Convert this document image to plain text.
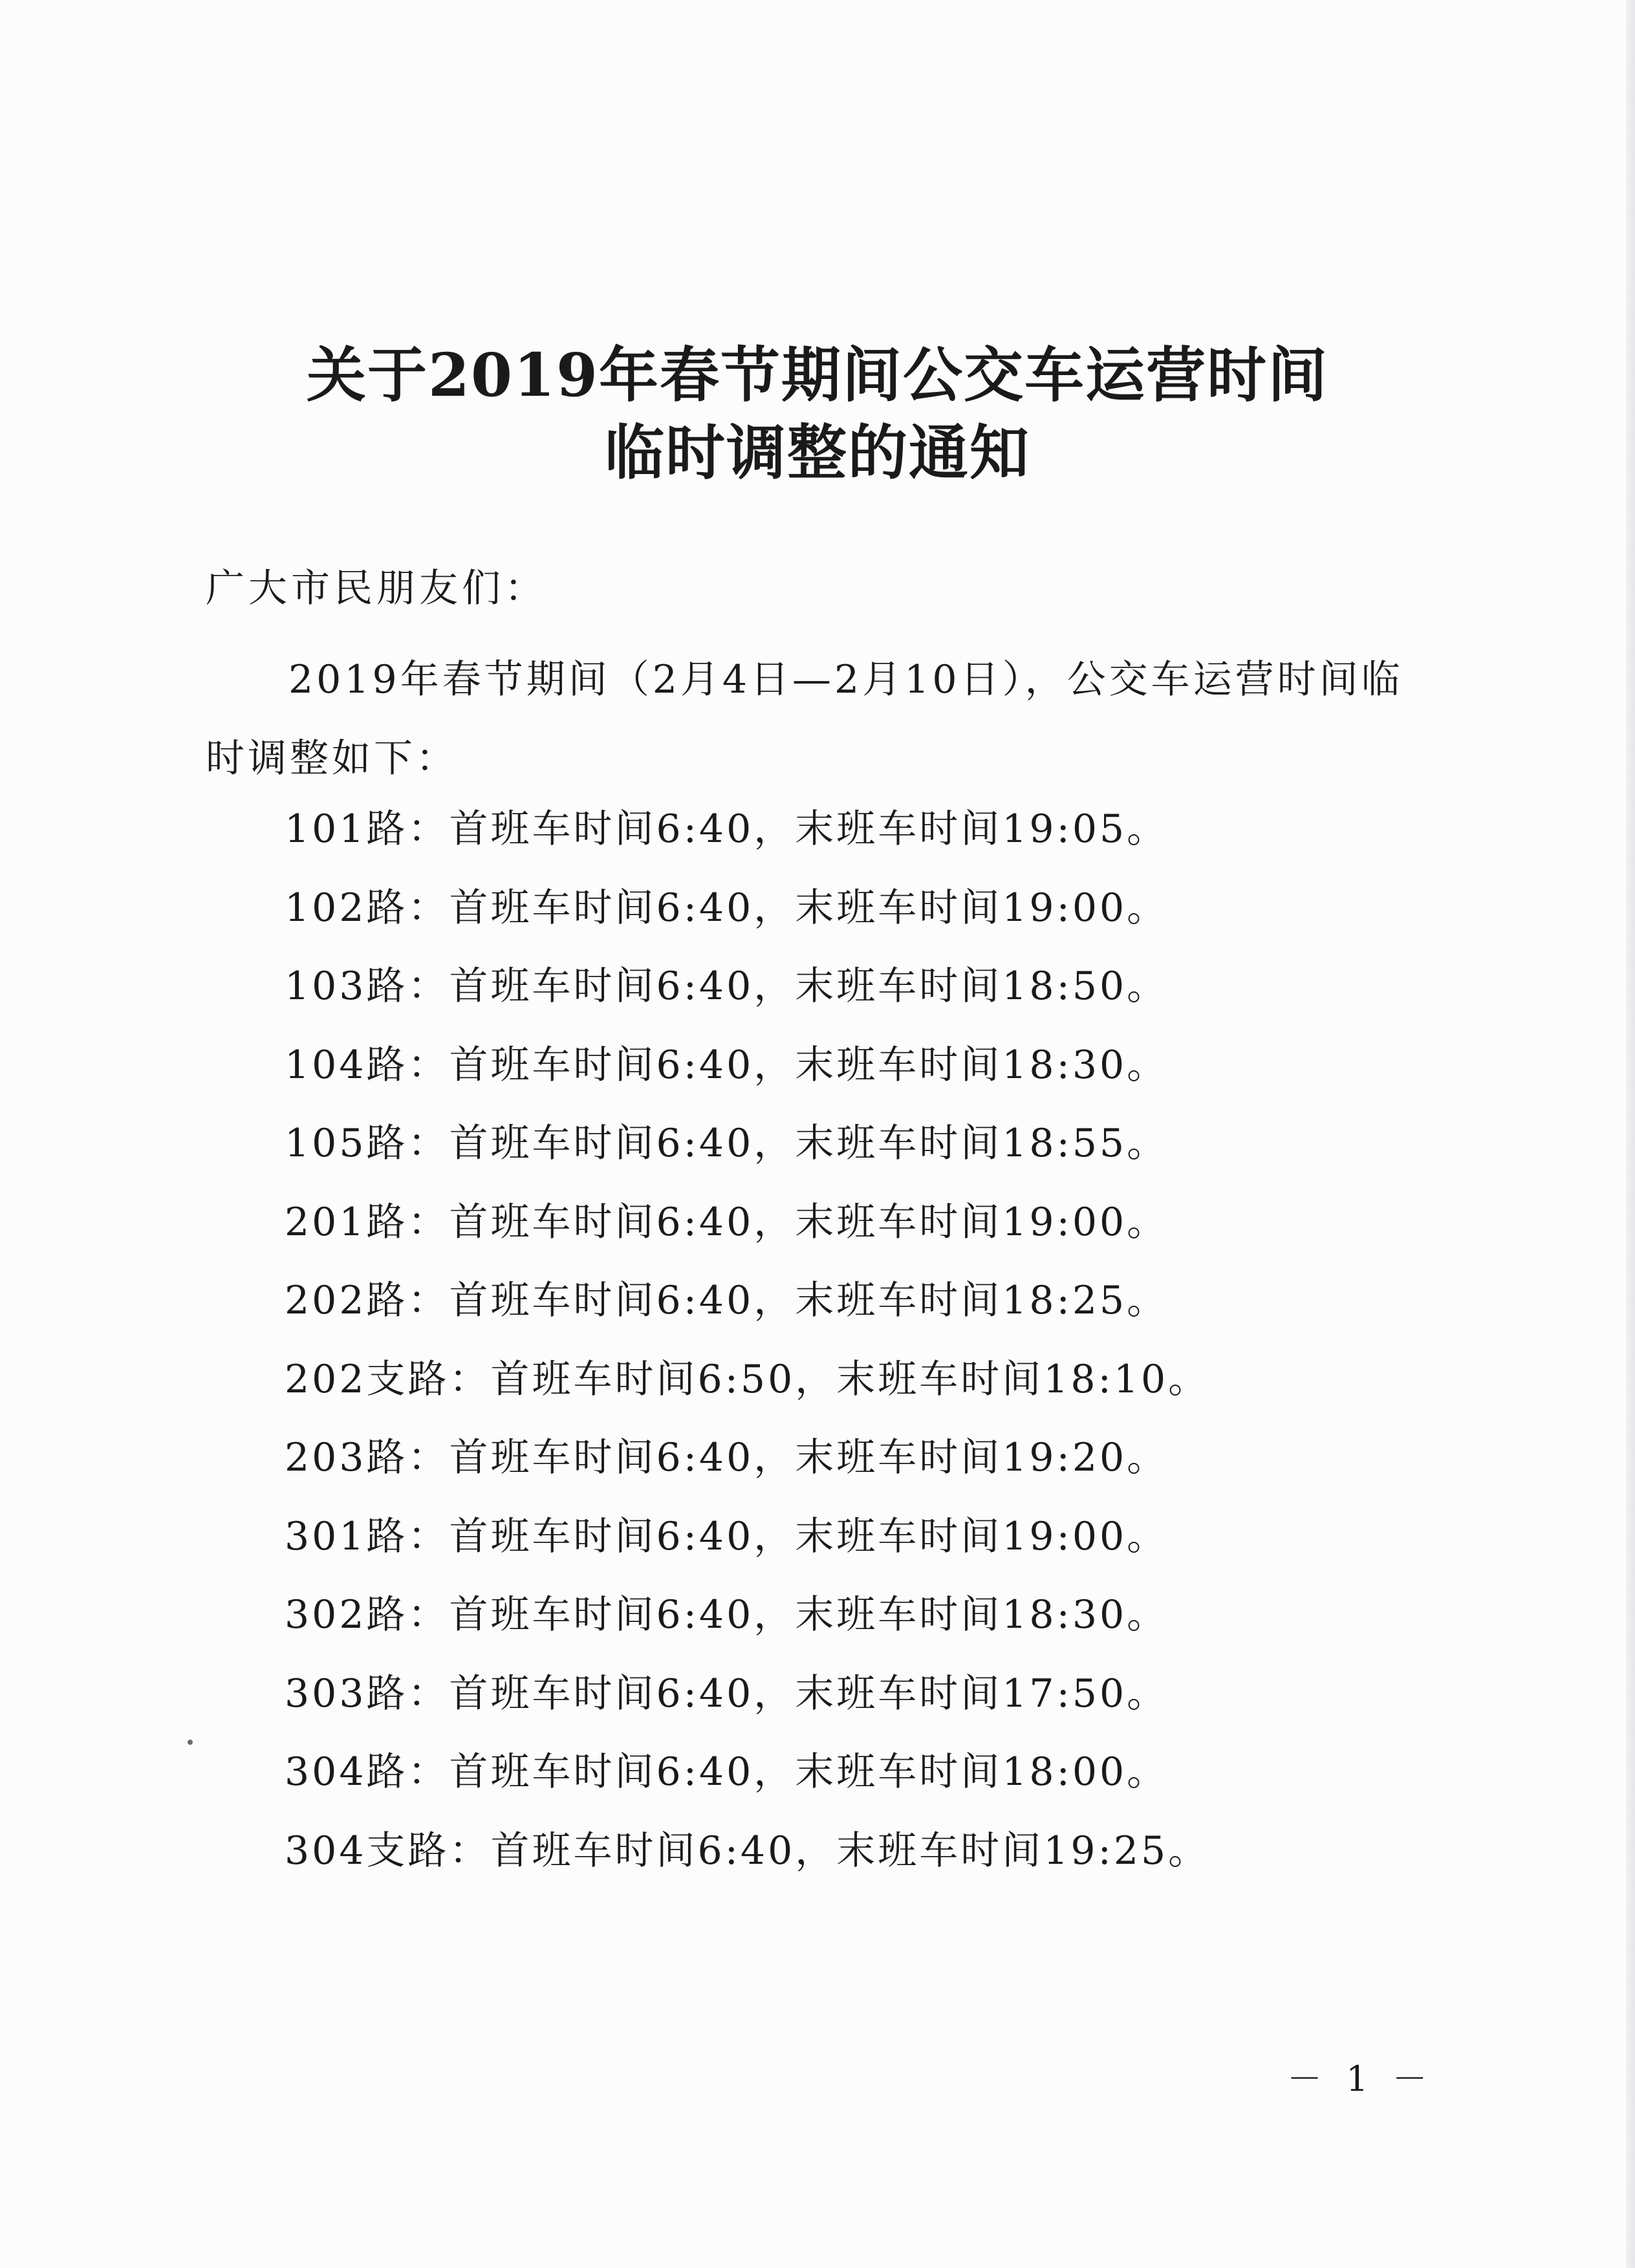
关于2019年春节期间公交车运营时间
临时调整的通知
广大市民朋友们：
2019年春节期间（2月4日—2月10日），公交车运营时间临时调整如下：
101路：首班车时间6:40，末班车时间19:05。
102路：首班车时间6:40，末班车时间19:00。
103路：首班车时间6:40，末班车时间18:50。
104路：首班车时间6:40，末班车时间18:30。
105路：首班车时间6:40，末班车时间18:55。
201路：首班车时间6:40，末班车时间19:00。
202路：首班车时间6:40，末班车时间18:25。
202支路：首班车时间6:50，末班车时间18:10。
203路：首班车时间6:40，末班车时间19:20。
301路：首班车时间6:40，末班车时间19:00。
302路：首班车时间6:40，末班车时间18:30。
303路：首班车时间6:40，末班车时间17:50。
304路：首班车时间6:40，末班车时间18:00。
304支路：首班车时间6:40，末班车时间19:25。
－ 1 －
